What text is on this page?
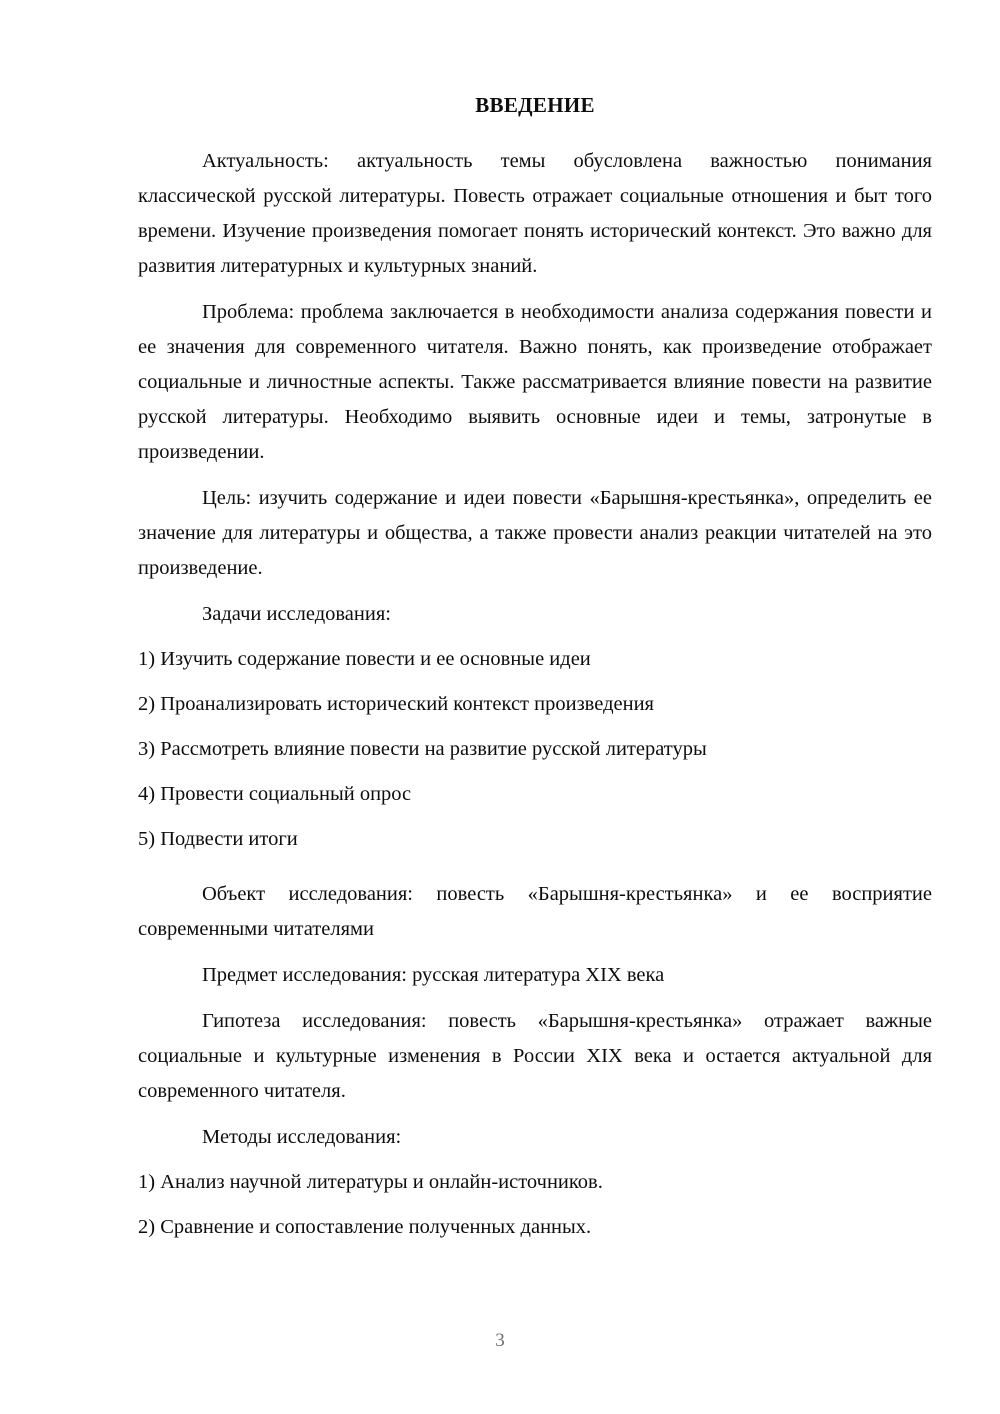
ВВЕДЕНИЕ

Актуальность: актуальность темы обусловлена важностью понимания классической русской литературы. Повесть отражает социальные отношения и быт того времени. Изучение произведения помогает понять исторический контекст. Это важно для развития литературных и культурных знаний.

Проблема: проблема заключается в необходимости анализа содержания повести и ее значения для современного читателя. Важно понять, как произведение отображает социальные и личностные аспекты. Также рассматривается влияние повести на развитие русской литературы. Необходимо выявить основные идеи и темы, затронутые в произведении.

Цель: изучить содержание и идеи повести «Барышня-крестьянка», определить ее значение для литературы и общества, а также провести анализ реакции читателей на это произведение.

Задачи исследования:

1) Изучить содержание повести и ее основные идеи
2) Проанализировать исторический контекст произведения
3) Рассмотреть влияние повести на развитие русской литературы
4) Провести социальный опрос
5) Подвести итоги

Объект исследования: повесть «Барышня-крестьянка» и ее восприятие современными читателями

Предмет исследования: русская литература XIX века

Гипотеза исследования: повесть «Барышня-крестьянка» отражает важные социальные и культурные изменения в России XIX века и остается актуальной для современного читателя.

Методы исследования:

1) Анализ научной литературы и онлайн-источников.
2) Сравнение и сопоставление полученных данных.
3
